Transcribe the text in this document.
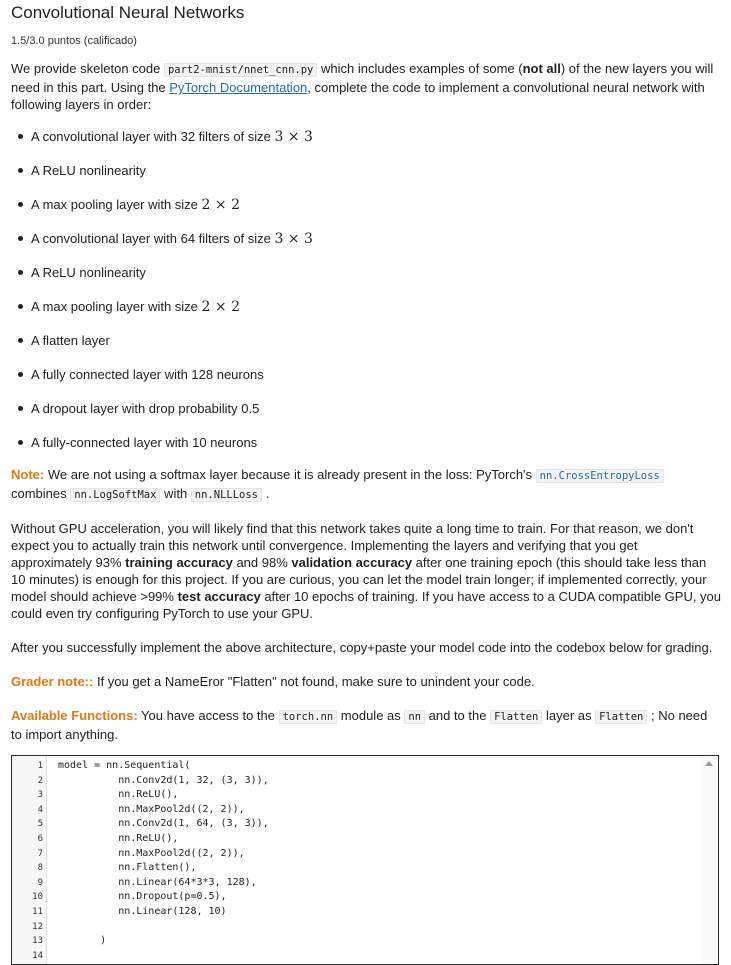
Convolutional Neural Networks
1.5/3.0 puntos (calificado)

We provide skeleton code part2-mnist/nnet_cnn.py which includes examples of some (not all) of the new layers you will need in this part. Using the PyTorch Documentation, complete the code to implement a convolutional neural network with following layers in order:

A convolutional layer with 32 filters of size 3 × 3
A ReLU nonlinearity
A max pooling layer with size 2 × 2
A convolutional layer with 64 filters of size 3 × 3
A ReLU nonlinearity
A max pooling layer with size 2 × 2
A flatten layer
A fully connected layer with 128 neurons
A dropout layer with drop probability 0.5
A fully-connected layer with 10 neurons

Note: We are not using a softmax layer because it is already present in the loss: PyTorch's nn.CrossEntropyLoss combines nn.LogSoftMax with nn.NLLLoss .

Without GPU acceleration, you will likely find that this network takes quite a long time to train. For that reason, we don't expect you to actually train this network until convergence. Implementing the layers and verifying that you get approximately 93% training accuracy and 98% validation accuracy after one training epoch (this should take less than 10 minutes) is enough for this project. If you are curious, you can let the model train longer; if implemented correctly, your model should achieve >99% test accuracy after 10 epochs of training. If you have access to a CUDA compatible GPU, you could even try configuring PyTorch to use your GPU.

After you successfully implement the above architecture, copy+paste your model code into the codebox below for grading.

Grader note:: If you get a NameEror "Flatten" not found, make sure to unindent your code.

Available Functions: You have access to the torch.nn module as nn and to the Flatten layer as Flatten ; No need to import anything.

1 model = nn.Sequential(
2 nn.Conv2d(1, 32, (3, 3)),
3 nn.ReLU(),
4 nn.MaxPool2d((2, 2)),
5 nn.Conv2d(1, 64, (3, 3)),
6 nn.ReLU(),
7 nn.MaxPool2d((2, 2)),
8 nn.Flatten(),
9 nn.Linear(64*3*3, 128),
10 nn.Dropout(p=0.5),
11 nn.Linear(128, 10)
12
13 )
14
